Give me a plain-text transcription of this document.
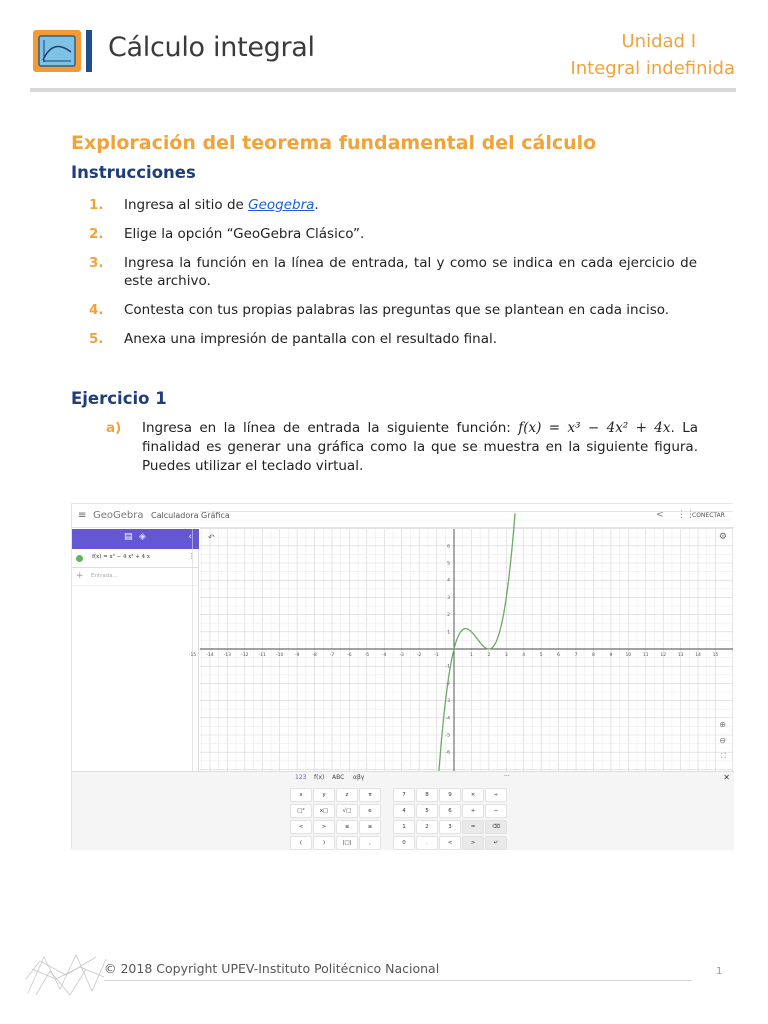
Cálculo integral	Unidad I
Integral indefinida
Exploración del teorema fundamental del cálculo
Instrucciones
1.	Ingresa al sitio de Geogebra.
2.	Elige la opción “GeoGebra Clásico”.
3.	Ingresa la función en la línea de entrada, tal y como se indica en cada ejercicio de este archivo.
4.	Contesta con tus propias palabras las preguntas que se plantean en cada inciso.
5.	Anexa una impresión de pantalla con el resultado final.
Ejercicio 1
a)	Ingresa en la línea de entrada la siguiente función: f(x) = x³ − 4x² + 4x. La finalidad es generar una gráfica como la que se muestra en la siguiente figura. Puedes utilizar el teclado virtual.
≡ GeoGebra Calculadora Gráfica	< ⋮⋮
CONECTAR
▤ ◈	‹
f(x) = x³ − 4 x² + 4 x	⋮
+ Entrada...
-15 -14 -13 -12 -11 -10	-9	-8	-7	-6	-5	-4	-3	-2	-1	1	2	3	4	5	6	7	8	9	10	11	12	13	14	15
6
5
4
3
2
1
-1
-2
-3
-4
-5
-6
↶	⚙
⊕
⊖
⛶
123 f(x) ABC αβγ	···	✕
x	y	z	π	7	8	9	×	÷
□²	x□	√□	e	4	5	6	+	−
<	>	≤	≥	1	2	3	=	⌫
(	)	|□|	,	0	.	<	>	↵
© 2018 Copyright UPEV-Instituto Politécnico Nacional	1
